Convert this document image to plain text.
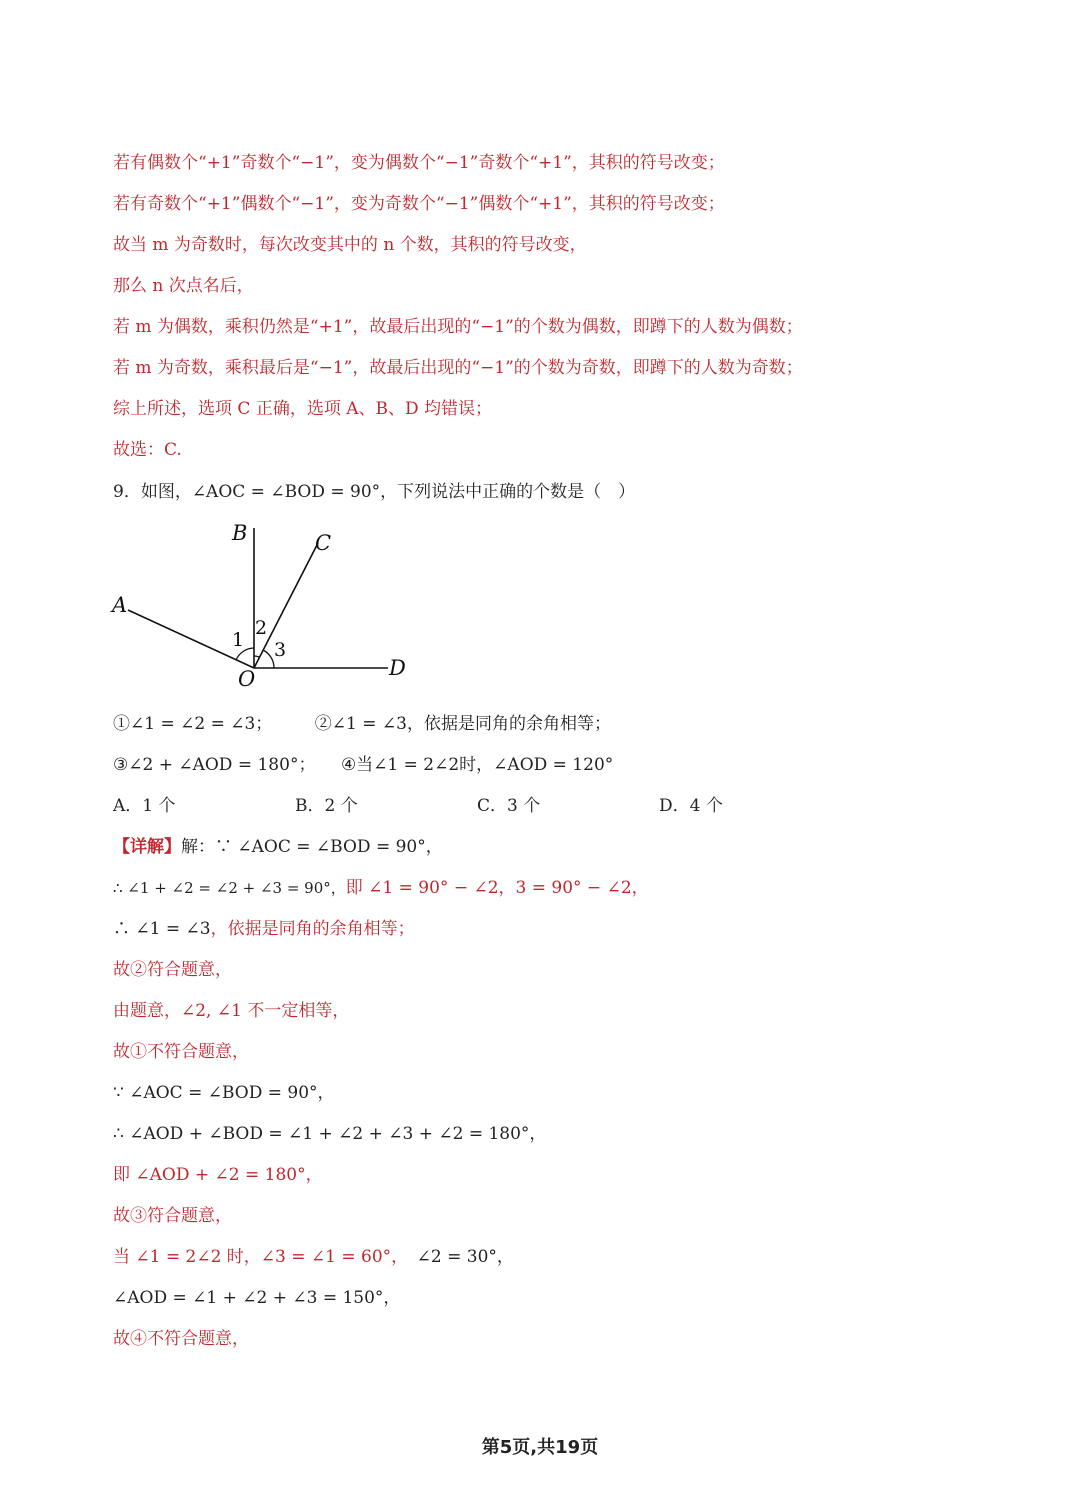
若有偶数个“+1”奇数个“−1”，变为偶数个“−1”奇数个“+1”，其积的符号改变；
若有奇数个“+1”偶数个“−1”，变为奇数个“−1”偶数个“+1”，其积的符号改变；
故当 m 为奇数时，每次改变其中的 n 个数，其积的符号改变，
那么 n 次点名后，
若 m 为偶数，乘积仍然是“+1”，故最后出现的“−1”的个数为偶数，即蹲下的人数为偶数；
若 m 为奇数，乘积最后是“−1”，故最后出现的“−1”的个数为奇数，即蹲下的人数为奇数；
综上所述，选项 C 正确，选项 A、B、D 均错误；
故选：C.
9．如图，∠AOC = ∠BOD = 90°，下列说法中正确的个数是（　）
B	C
A
O	D
1
2
3
①∠1 = ∠2 = ∠3；　　　②∠1 = ∠3，依据是同角的余角相等；
③∠2 + ∠AOD = 180°；　　④当∠1 = 2∠2时，∠AOD = 120°
A．1 个	B．2 个	C．3 个	D．4 个
【详解】解：∵ ∠AOC = ∠BOD = 90°，
∴ ∠1 + ∠2 = ∠2 + ∠3 = 90°，即 ∠1 = 90° − ∠2，3 = 90° − ∠2，
∴ ∠1 = ∠3，依据是同角的余角相等；
故②符合题意，
由题意，∠2, ∠1 不一定相等，
故①不符合题意，
∵ ∠AOC = ∠BOD = 90°，
∴ ∠AOD + ∠BOD = ∠1 + ∠2 + ∠3 + ∠2 = 180°，
即 ∠AOD + ∠2 = 180°，
故③符合题意，
当 ∠1 = 2∠2 时，∠3 = ∠1 = 60°，　 ∠2 = 30°，
∠AOD = ∠1 + ∠2 + ∠3 = 150°，
故④不符合题意，
第5页,共19页
